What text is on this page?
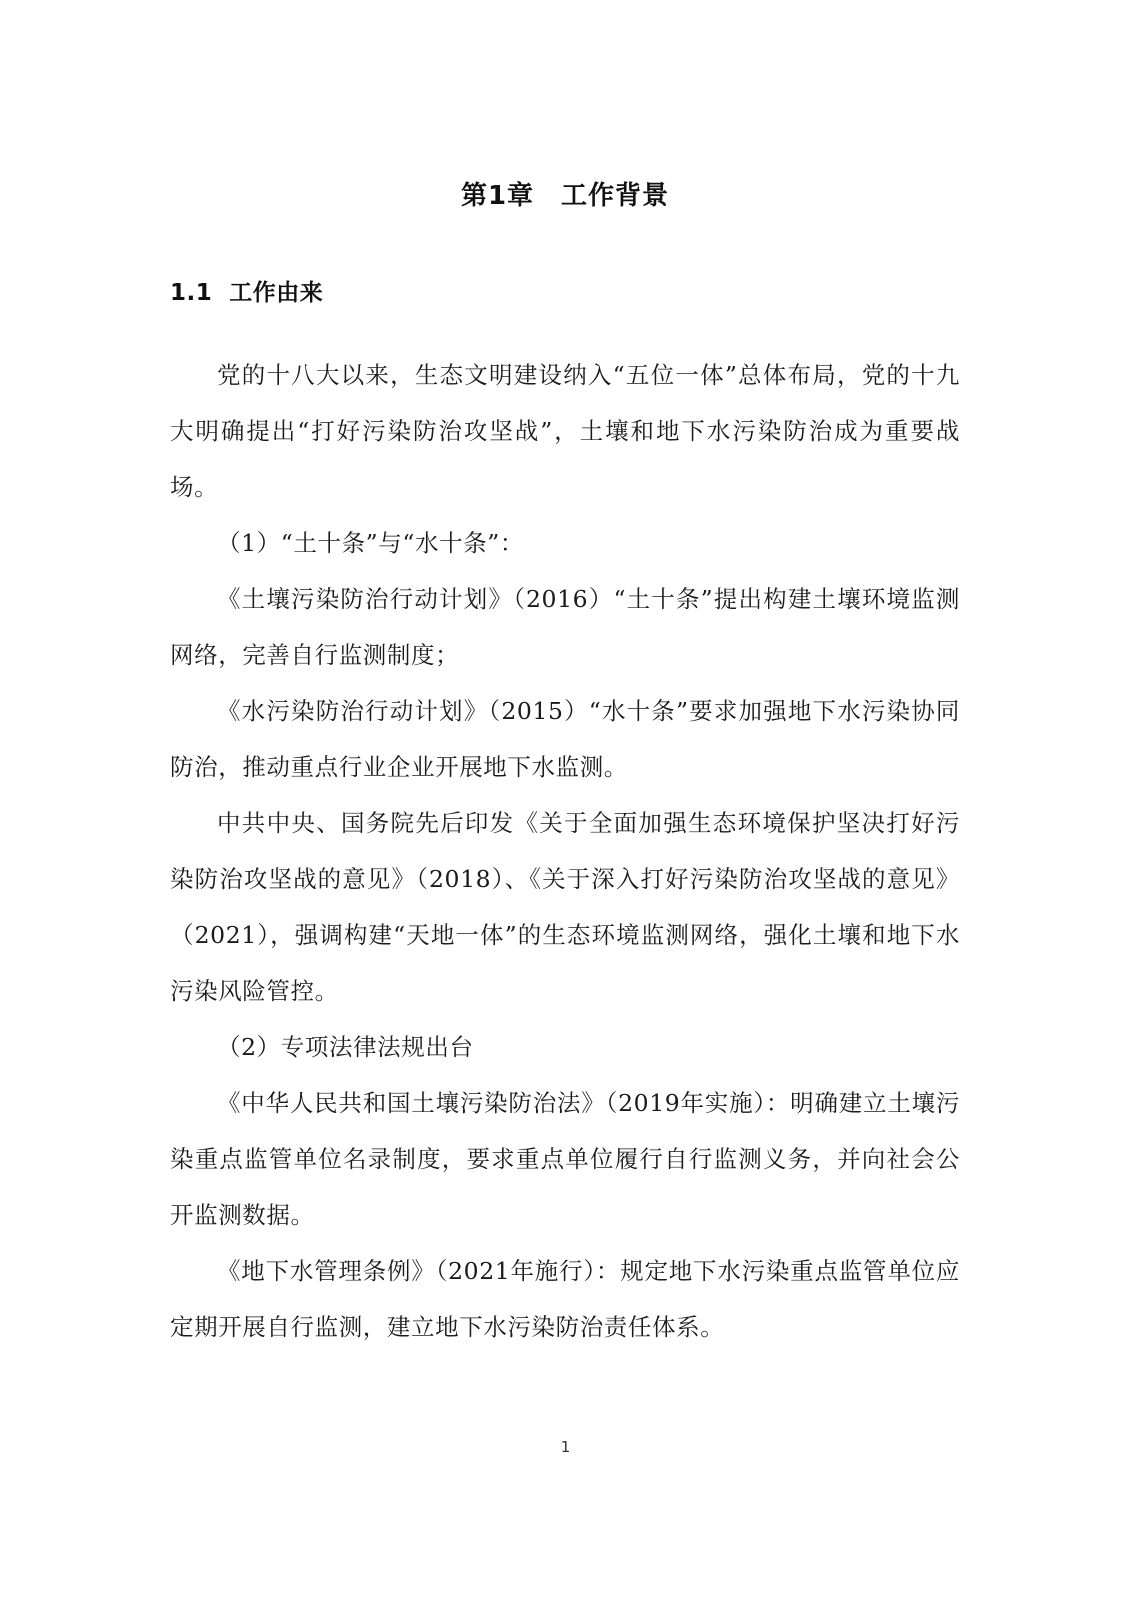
第1章　工作背景
1.1  工作由来

党的十八大以来，生态文明建设纳入“五位一体”总体布局，党的十九大明确提出“打好污染防治攻坚战”，土壤和地下水污染防治成为重要战场。

（1）“土十条”与“水十条”：

《土壤污染防治行动计划》（2016）“土十条”提出构建土壤环境监测网络，完善自行监测制度；

《水污染防治行动计划》（2015）“水十条”要求加强地下水污染协同防治，推动重点行业企业开展地下水监测。

中共中央、国务院先后印发《关于全面加强生态环境保护坚决打好污染防治攻坚战的意见》（2018）、《关于深入打好污染防治攻坚战的意见》（2021），强调构建“天地一体”的生态环境监测网络，强化土壤和地下水污染风险管控。

（2）专项法律法规出台

《中华人民共和国土壤污染防治法》（2019年实施）：明确建立土壤污染重点监管单位名录制度，要求重点单位履行自行监测义务，并向社会公开监测数据。

《地下水管理条例》（2021年施行）：规定地下水污染重点监管单位应定期开展自行监测，建立地下水污染防治责任体系。

1
